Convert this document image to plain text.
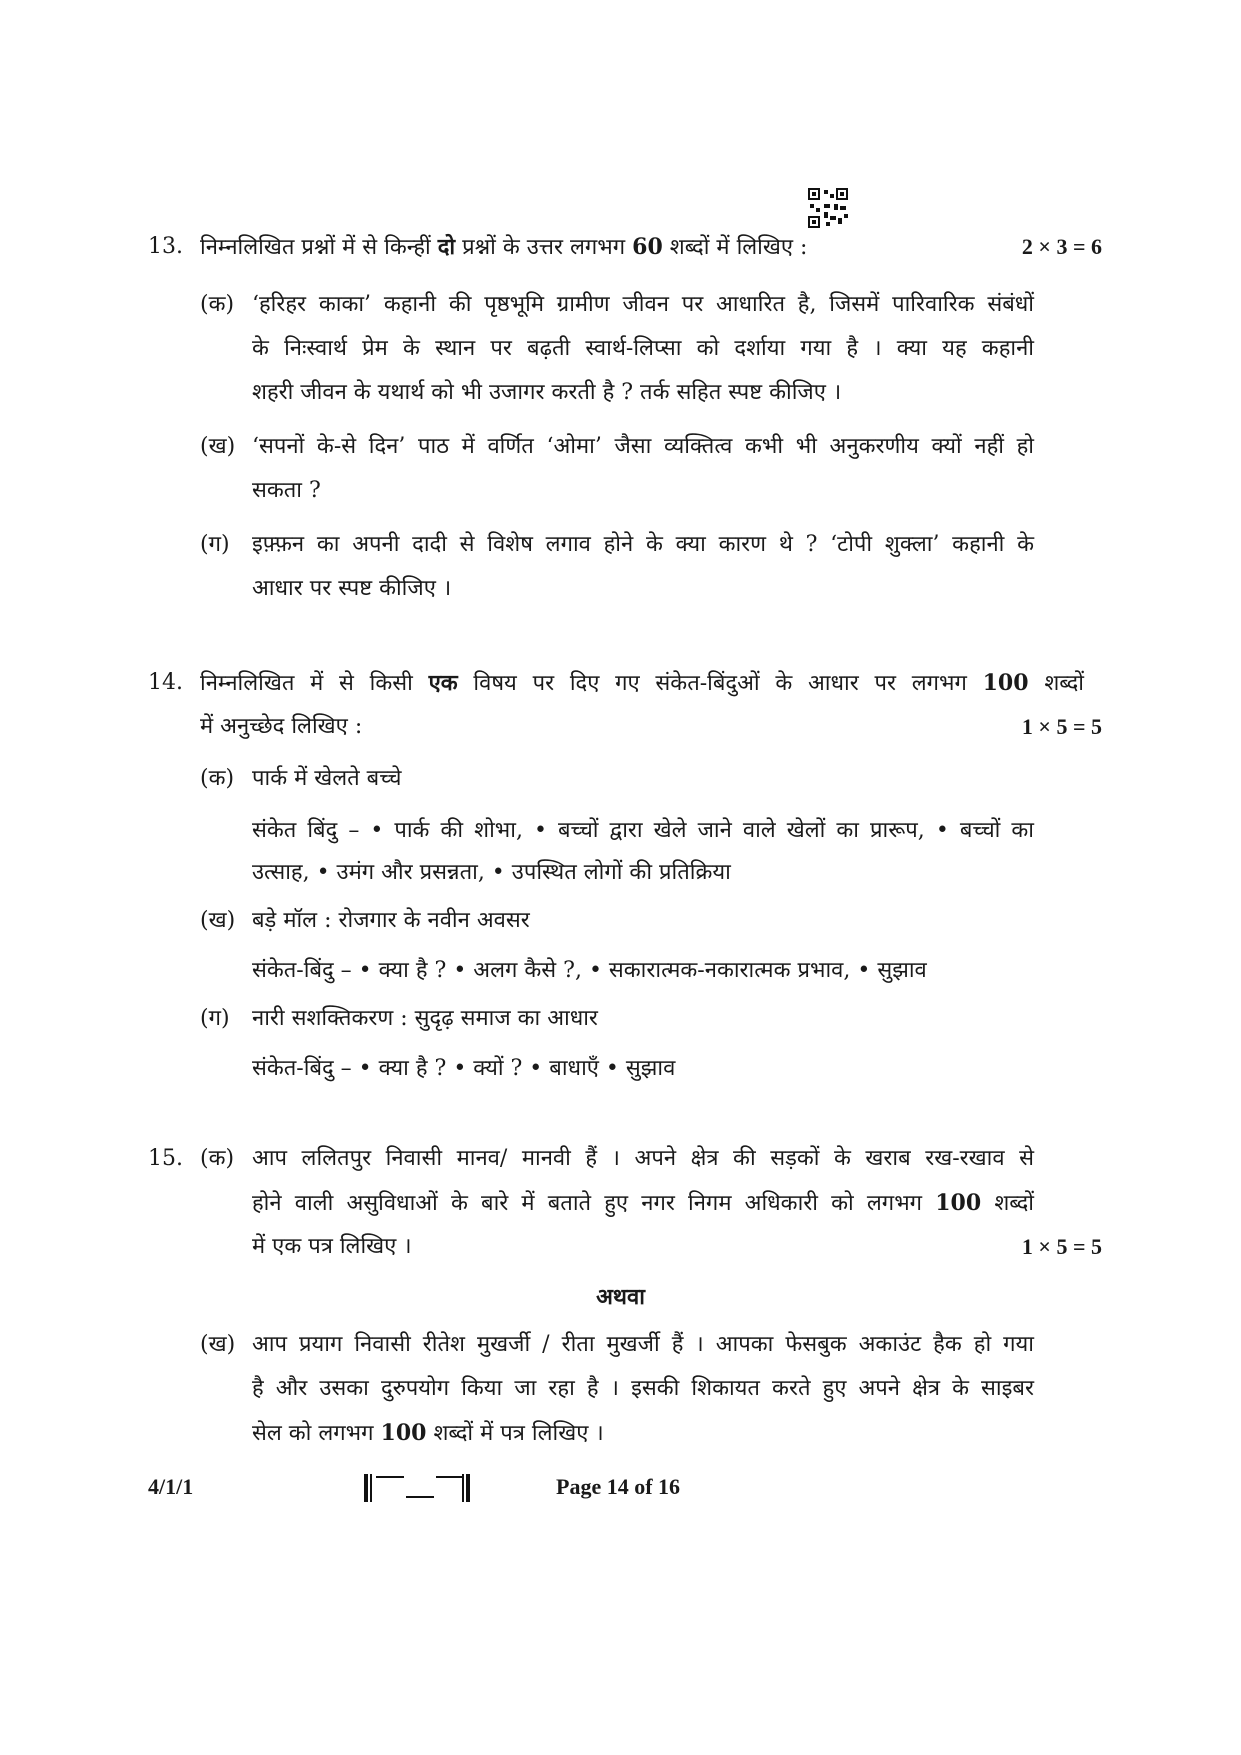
13. निम्नलिखित प्रश्नों में से किन्हीं दो प्रश्नों के उत्तर लगभग 60 शब्दों में लिखिए :	2 × 3 = 6
(क) ‘हरिहर काका’ कहानी की पृष्ठभूमि ग्रामीण जीवन पर आधारित है, जिसमें पारिवारिक संबंधों
के निःस्वार्थ प्रेम के स्थान पर बढ़ती स्वार्थ-लिप्सा को दर्शाया गया है । क्या यह कहानी
शहरी जीवन के यथार्थ को भी उजागर करती है ? तर्क सहित स्पष्ट कीजिए ।
(ख) ‘सपनों के-से दिन’ पाठ में वर्णित ‘ओमा’ जैसा व्यक्तित्व कभी भी अनुकरणीय क्यों नहीं हो
सकता ?
(ग) इफ़्फ़न का अपनी दादी से विशेष लगाव होने के क्या कारण थे ? ‘टोपी शुक्ला’ कहानी के
आधार पर स्पष्ट कीजिए ।
14. निम्नलिखित में से किसी एक विषय पर दिए गए संकेत-बिंदुओं के आधार पर लगभग 100 शब्दों
में अनुच्छेद लिखिए :	1 × 5 = 5
(क) पार्क में खेलते बच्चे
संकेत बिंदु – • पार्क की शोभा, • बच्चों द्वारा खेले जाने वाले खेलों का प्रारूप, • बच्चों का
उत्साह, • उमंग और प्रसन्नता, • उपस्थित लोगों की प्रतिक्रिया
(ख) बड़े मॉल : रोजगार के नवीन अवसर
संकेत-बिंदु – • क्या है ? • अलग कैसे ?, • सकारात्मक-नकारात्मक प्रभाव, • सुझाव
(ग) नारी सशक्तिकरण : सुदृढ़ समाज का आधार
संकेत-बिंदु – • क्या है ? • क्यों ? • बाधाएँ • सुझाव
15. (क) आप ललितपुर निवासी मानव/ मानवी हैं । अपने क्षेत्र की सड़कों के खराब रख-रखाव से
होने वाली असुविधाओं के बारे में बताते हुए नगर निगम अधिकारी को लगभग 100 शब्दों
में एक पत्र लिखिए ।	1 × 5 = 5
अथवा
(ख) आप प्रयाग निवासी रीतेश मुखर्जी / रीता मुखर्जी हैं । आपका फेसबुक अकाउंट हैक हो गया
है और उसका दुरुपयोग किया जा रहा है । इसकी शिकायत करते हुए अपने क्षेत्र के साइबर
सेल को लगभग 100 शब्दों में पत्र लिखिए ।
4/1/1	Page 14 of 16
